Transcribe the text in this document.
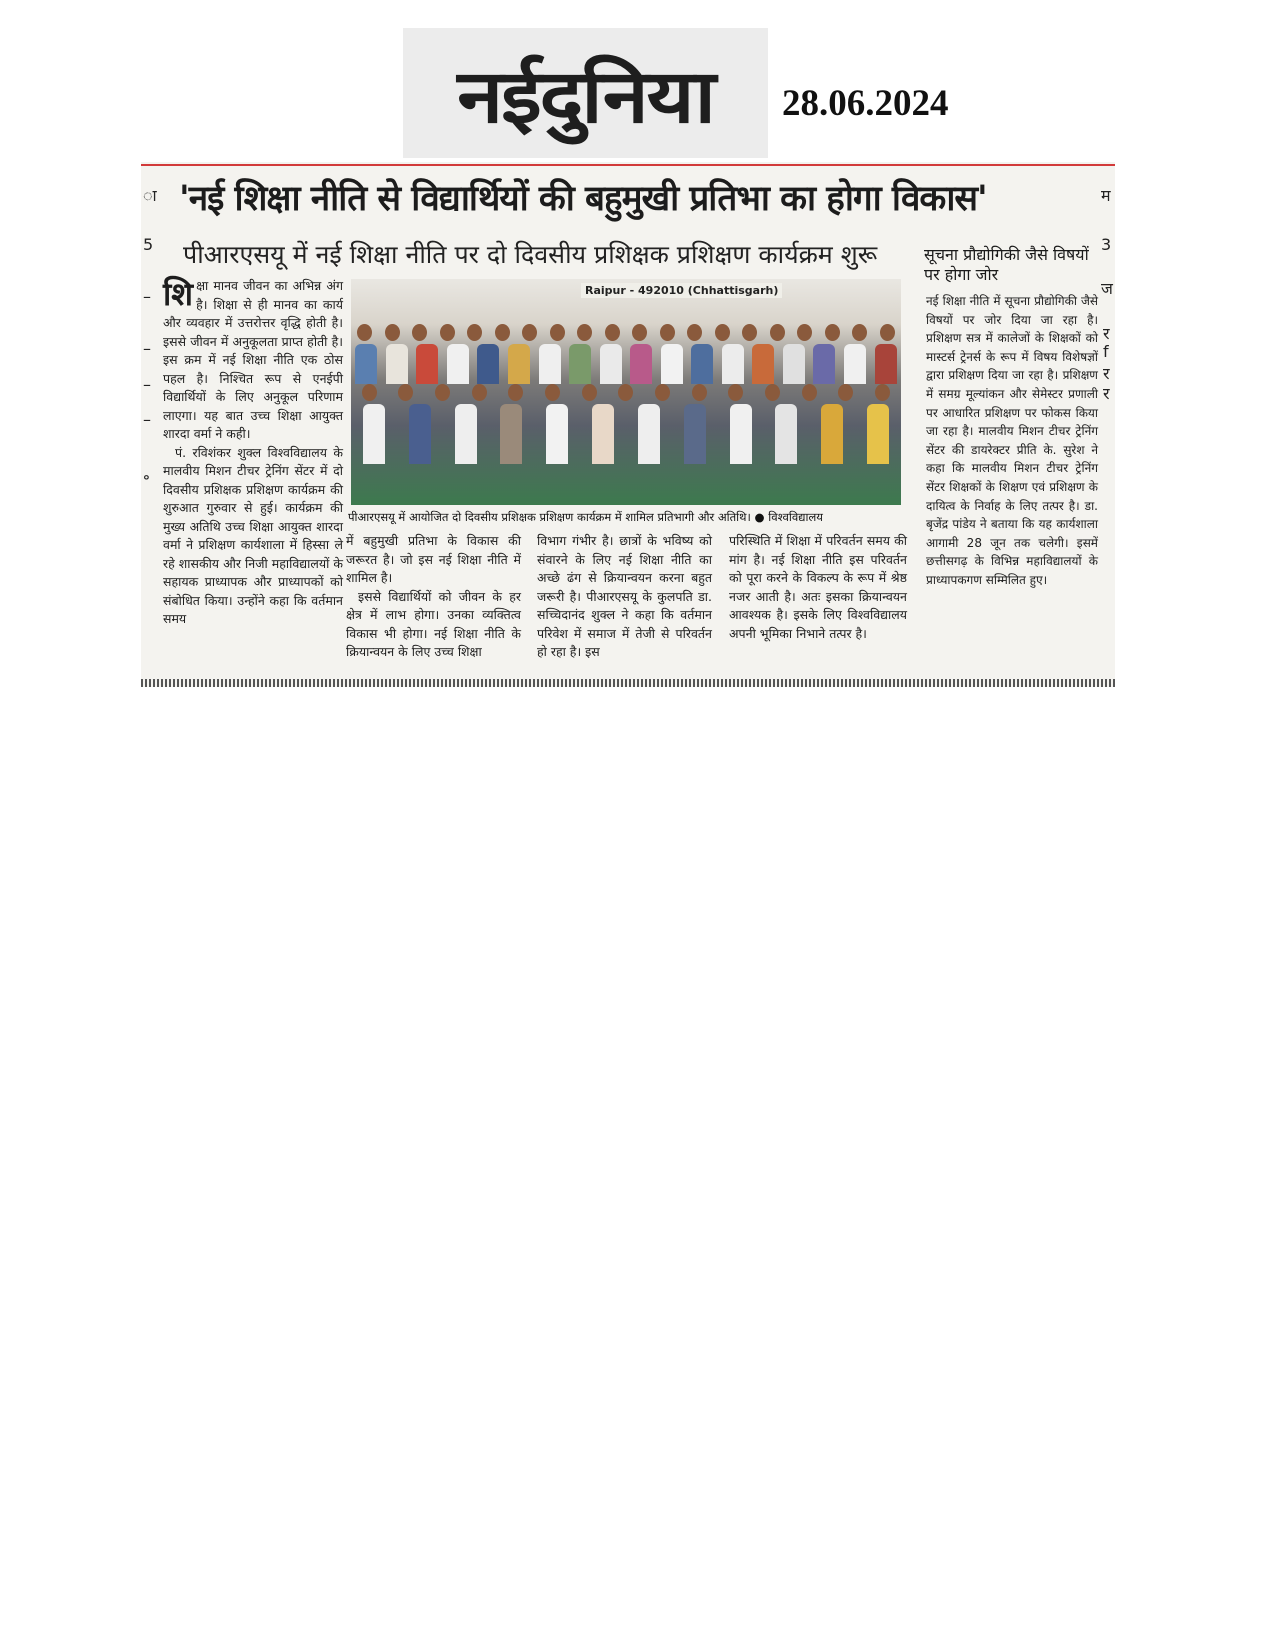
नईदुनिया 28.06.2024
ा
5
–
–
–
–
॰
म
3
ज
र
f
र
र
'नई शिक्षा नीति से विद्यार्थियों की बहुमुखी प्रतिभा का होगा विकास'
पीआरएसयू में नई शिक्षा नीति पर दो दिवसीय प्रशिक्षक प्रशिक्षण कार्यक्रम शुरू

शिक्षा मानव जीवन का अभिन्न अंग है। शिक्षा से ही मानव का कार्य और व्यवहार में उत्तरोत्तर वृद्धि होती है। इससे जीवन में अनुकूलता प्राप्त होती है। इस क्रम में नई शिक्षा नीति एक ठोस पहल है। निश्चित रूप से एनईपी विद्यार्थियों के लिए अनुकूल परिणाम लाएगा। यह बात उच्च शिक्षा आयुक्त शारदा वर्मा ने कही।

पं. रविशंकर शुक्ल विश्वविद्यालय के मालवीय मिशन टीचर ट्रेनिंग सेंटर में दो दिवसीय प्रशिक्षक प्रशिक्षण कार्यक्रम की शुरुआत गुरुवार से हुई। कार्यक्रम की मुख्य अतिथि उच्च शिक्षा आयुक्त शारदा वर्मा ने प्रशिक्षण कार्यशाला में हिस्सा ले रहे शासकीय और निजी महाविद्यालयों के सहायक प्राध्यापक और प्राध्यापकों को संबोधित किया। उन्होंने कहा कि वर्तमान समय

Raipur - 492010 (Chhattisgarh)
पीआरएसयू में आयोजित दो दिवसीय प्रशिक्षक प्रशिक्षण कार्यक्रम में शामिल प्रतिभागी और अतिथि। ● विश्वविद्यालय

में बहुमुखी प्रतिभा के विकास की जरूरत है। जो इस नई शिक्षा नीति में शामिल है।

इससे विद्यार्थियों को जीवन के हर क्षेत्र में लाभ होगा। उनका व्यक्तित्व विकास भी होगा। नई शिक्षा नीति के क्रियान्वयन के लिए उच्च शिक्षा

विभाग गंभीर है। छात्रों के भविष्य को संवारने के लिए नई शिक्षा नीति का अच्छे ढंग से क्रियान्वयन करना बहुत जरूरी है। पीआरएसयू के कुलपति डा. सच्चिदानंद शुक्ल ने कहा कि वर्तमान परिवेश में समाज में तेजी से परिवर्तन हो रहा है। इस

परिस्थिति में शिक्षा में परिवर्तन समय की मांग है। नई शिक्षा नीति इस परिवर्तन को पूरा करने के विकल्प के रूप में श्रेष्ठ नजर आती है। अतः इसका क्रियान्वयन आवश्यक है। इसके लिए विश्वविद्यालय अपनी भूमिका निभाने तत्पर है।

सूचना प्रौद्योगिकी जैसे विषयों पर होगा जोर
नई शिक्षा नीति में सूचना प्रौद्योगिकी जैसे विषयों पर जोर दिया जा रहा है। प्रशिक्षण सत्र में कालेजों के शिक्षकों को मास्टर्स ट्रेनर्स के रूप में विषय विशेषज्ञों द्वारा प्रशिक्षण दिया जा रहा है। प्रशिक्षण में समग्र मूल्यांकन और सेमेस्टर प्रणाली पर आधारित प्रशिक्षण पर फोकस किया जा रहा है। मालवीय मिशन टीचर ट्रेनिंग सेंटर की डायरेक्टर प्रीति के. सुरेश ने कहा कि मालवीय मिशन टीचर ट्रेनिंग सेंटर शिक्षकों के शिक्षण एवं प्रशिक्षण के दायित्व के निर्वाह के लिए तत्पर है। डा. बृजेंद्र पांडेय ने बताया कि यह कार्यशाला आगामी 28 जून तक चलेगी। इसमें छत्तीसगढ़ के विभिन्न महाविद्यालयों के प्राध्यापकगण सम्मिलित हुए।
